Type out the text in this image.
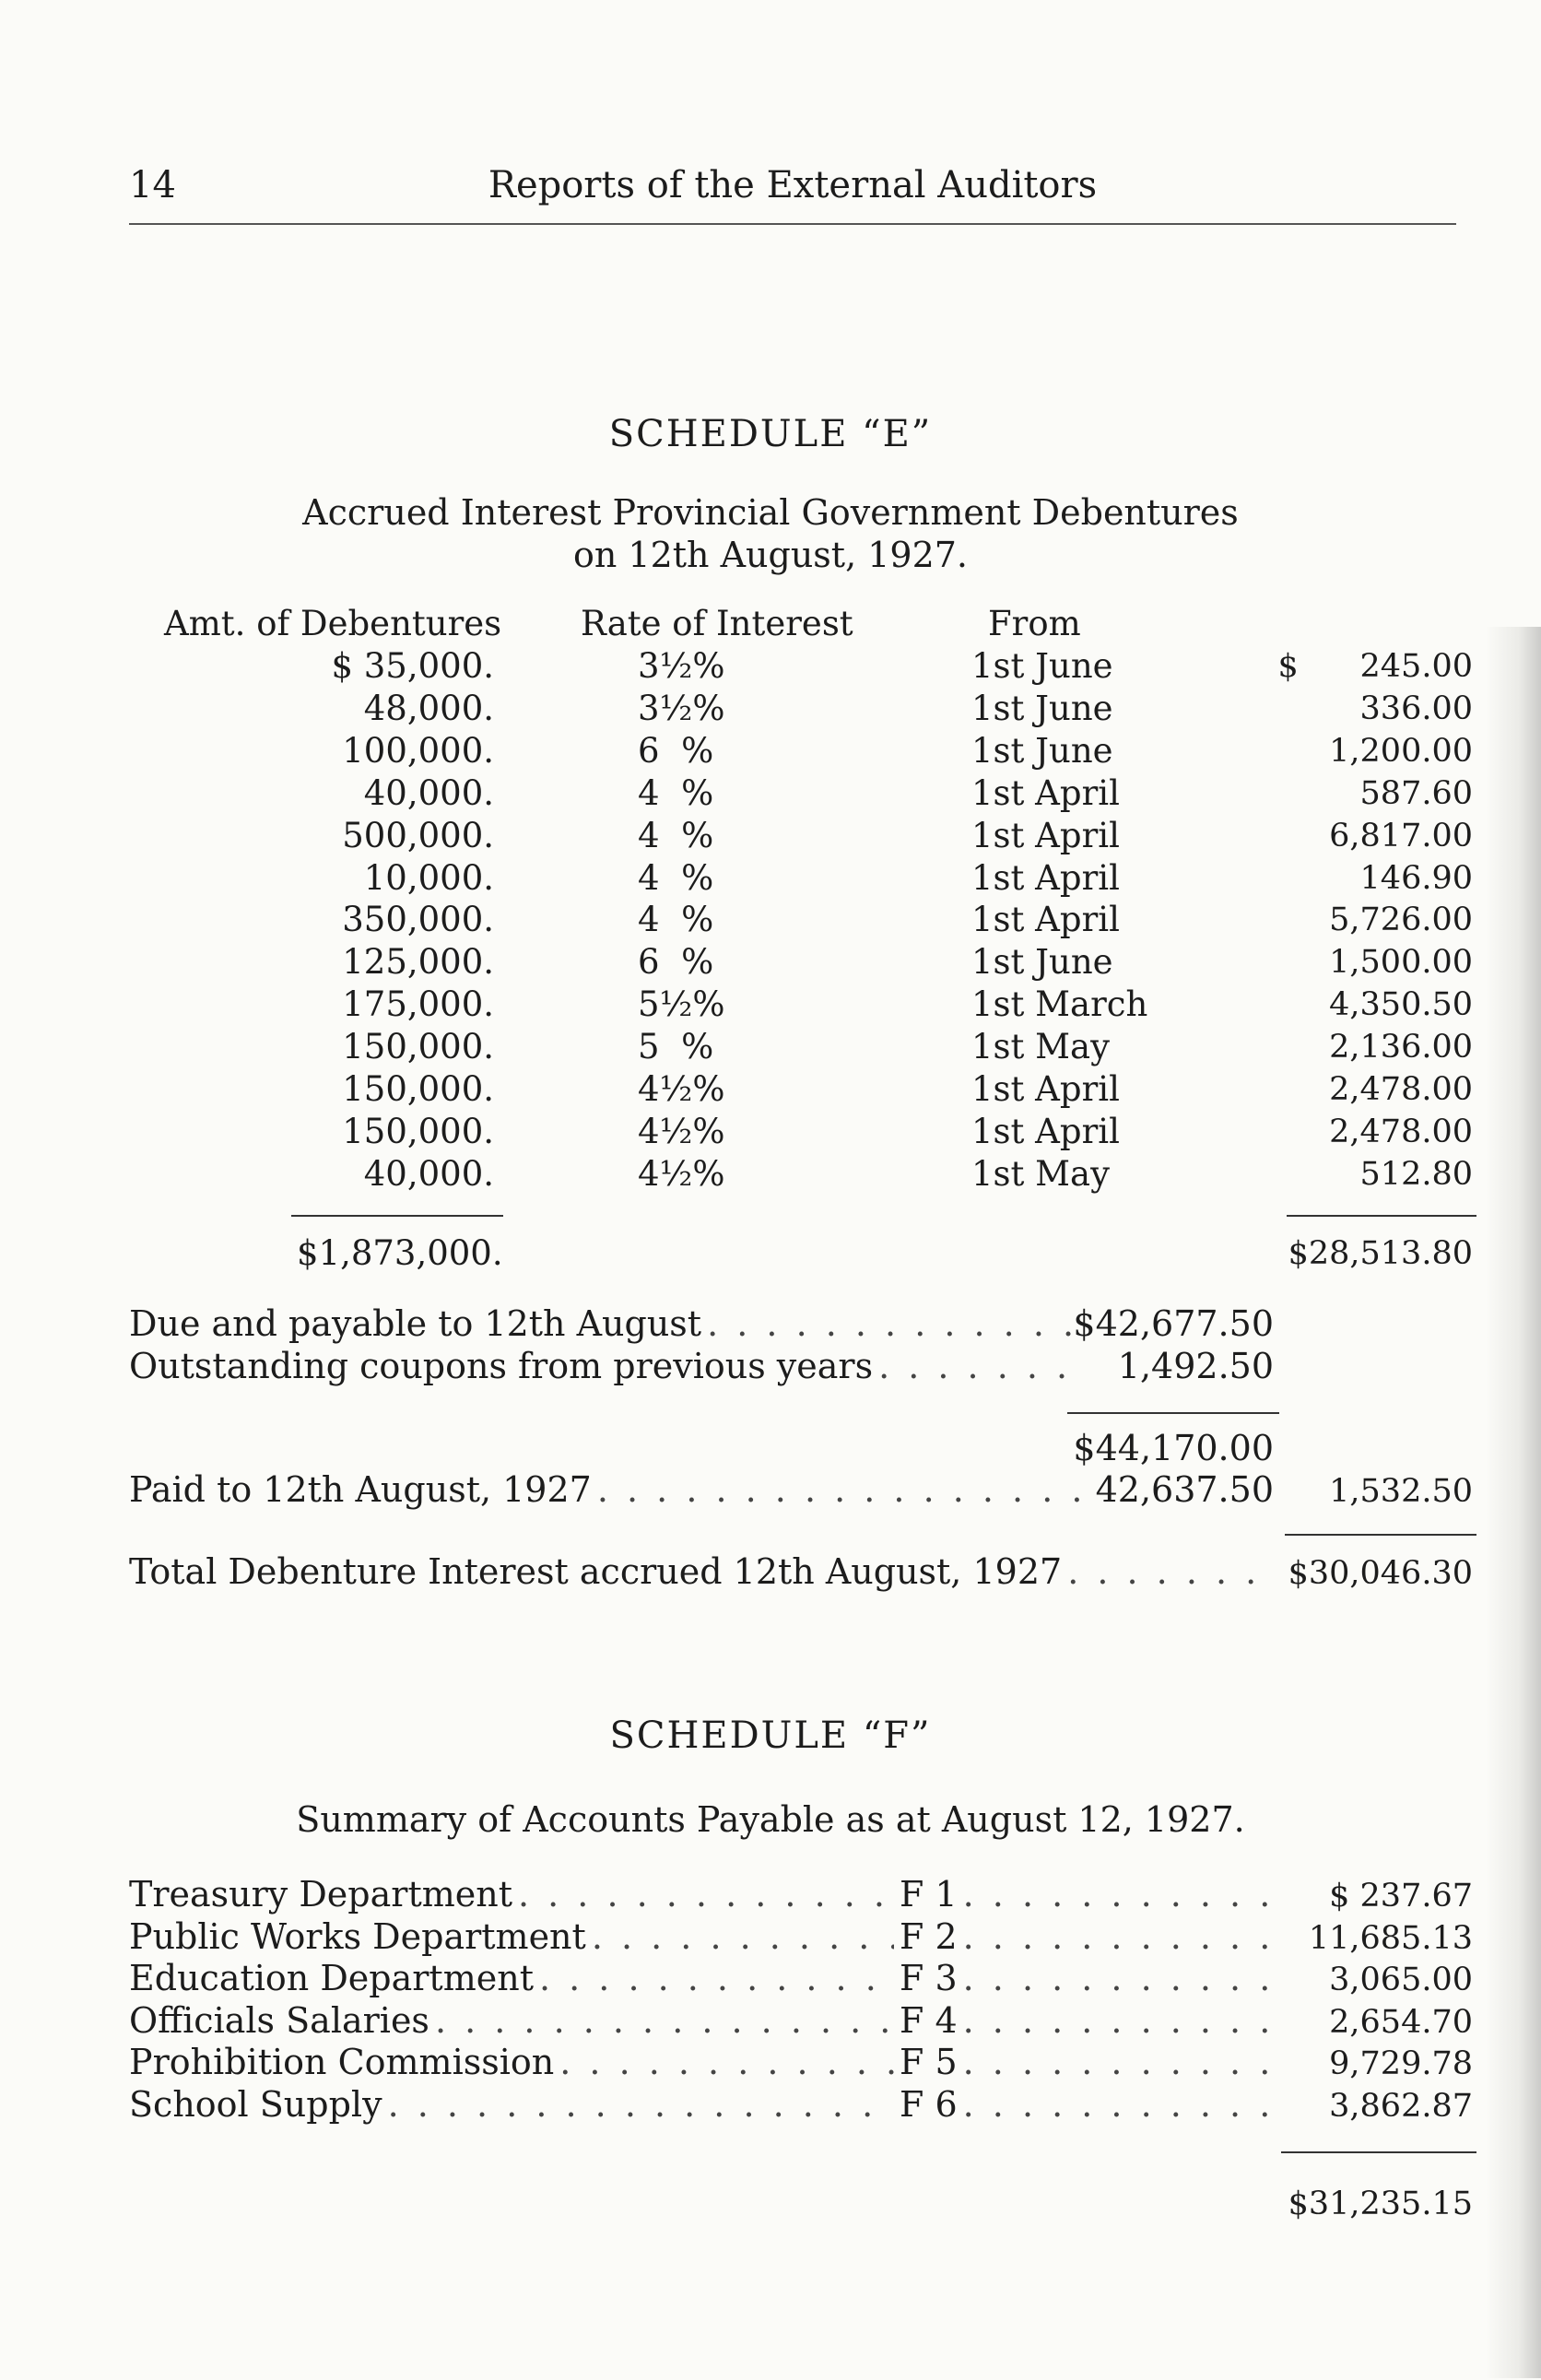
14	Reports of the External Auditors
SCHEDULE “E”
Accrued Interest Provincial Government Debentures
on 12th August, 1927.
Amt. of Debentures Rate of Interest	From
$ 35,000.	3½%	1st June	$      245.00
48,000.	3½%	1st June	336.00
100,000.	6  %	1st June	1,200.00
40,000.	4  %	1st April	587.60
500,000.	4  %	1st April	6,817.00
10,000.	4  %	1st April	146.90
350,000.	4  %	1st April	5,726.00
125,000.	6  %	1st June	1,500.00
175,000.	5½%	1st March	4,350.50
150,000.	5  %	1st May	2,136.00
150,000.	4½%	1st April	2,478.00
150,000.	4½%	1st April	2,478.00
40,000.	4½%	1st May	512.80
$1,873,000.	$28,513.80
Due and payable to 12th August . . .	$42,677.50
Outstanding coupons from previous years . . .	1,492.50
$44,170.00
Paid to 12th August, 1927 . . .	42,637.50	1,532.50
Total Debenture Interest accrued 12th August, 1927 . . .	$30,046.30
SCHEDULE “F”
Summary of Accounts Payable as at August 12, 1927.
Treasury Department . . .	F 1 . . .	$ 237.67
Public Works Department . . .	F 2 . . .	11,685.13
Education Department . . .	F 3 . . .	3,065.00
Officials Salaries . . .	F 4 . . .	2,654.70
Prohibition Commission . . .	F 5 . . .	9,729.78
School Supply . . .	F 6 . . .	3,862.87
$31,235.15
